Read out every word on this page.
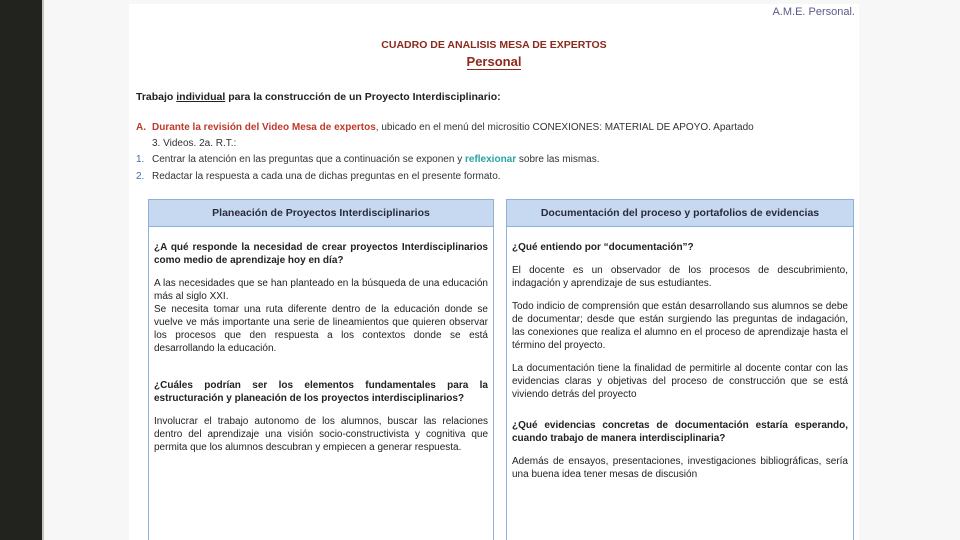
A.M.E. Personal.
CUADRO DE ANALISIS MESA DE EXPERTOS
Personal
Trabajo individual para la construcción de un Proyecto Interdisciplinario:
A. Durante la revisión del Video Mesa de expertos, ubicado en el menú del micrositio CONEXIONES: MATERIAL DE APOYO. Apartado
3. Videos. 2a. R.T.:
1. Centrar la atención en las preguntas que a continuación se exponen y reflexionar sobre las mismas.
2. Redactar la respuesta a cada una de dichas preguntas en el presente formato.
Planeación de Proyectos Interdisciplinarios
¿A qué responde la necesidad de crear proyectos Interdisciplinarios como medio de aprendizaje hoy en día?
A las necesidades que se han planteado en la búsqueda de una educación más al siglo XXI.
Se necesita tomar una ruta diferente dentro de la educación donde se vuelve ve más importante una serie de lineamientos que quieren observar los procesos que den respuesta a los contextos donde se está desarrollando la educación.
¿Cuáles podrían ser los elementos fundamentales para la estructuración y planeación de los proyectos interdisciplinarios?
Involucrar el trabajo autonomo de los alumnos, buscar las relaciones dentro del aprendizaje una visión socio-constructivista y cognitiva que permita que los alumnos descubran y empiecen a generar respuesta.
Documentación del proceso y portafolios de evidencias
¿Qué entiendo por “documentación”?
El docente es un observador de los procesos de descubrimiento, indagación y aprendizaje de sus estudiantes.
Todo indicio de comprensión que están desarrollando sus alumnos se debe de documentar; desde que están surgiendo las preguntas de indagación, las conexiones que realiza el alumno en el proceso de aprendizaje hasta el término del proyecto.
La documentación tiene la finalidad de permitirle al docente contar con las evidencias claras y objetivas del proceso de construcción que se está viviendo detrás del proyecto
¿Qué evidencias concretas de documentación estaría esperando, cuando trabajo de manera interdisciplinaria?
Además de ensayos, presentaciones, investigaciones bibliográficas, sería una buena idea tener mesas de discusión
